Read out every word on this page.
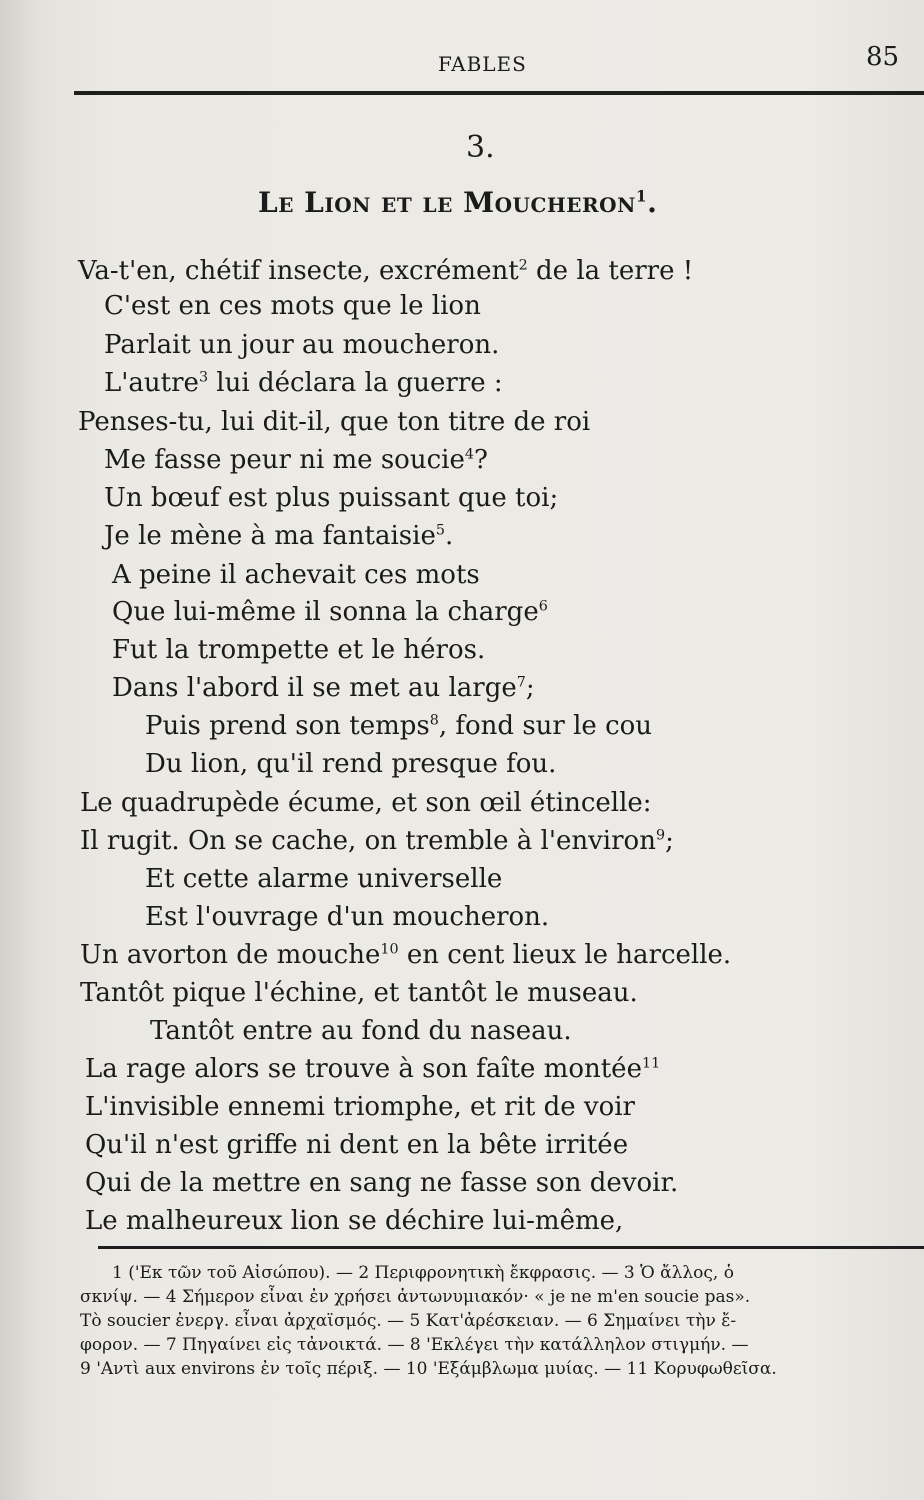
FABLES	85
3.
Le Lion et le Moucheron$^1$.
Va-t'en, chétif insecte, excrément$^2$ de la terre !
C'est en ces mots que le lion
Parlait un jour au moucheron.
L'autre$^3$ lui déclara la guerre :
Penses-tu, lui dit-il, que ton titre de roi
Me fasse peur ni me soucie$^4$?
Un bœuf est plus puissant que toi;
Je le mène à ma fantaisie$^5$.
A peine il achevait ces mots
Que lui-même il sonna la charge$^6$
Fut la trompette et le héros.
Dans l'abord il se met au large$^7$;
Puis prend son temps$^8$, fond sur le cou
Du lion, qu'il rend presque fou.
Le quadrupède écume, et son œil étincelle:
Il rugit. On se cache, on tremble à l'environ$^9$;
Et cette alarme universelle
Est l'ouvrage d'un moucheron.
Un avorton de mouche$^{10}$ en cent lieux le harcelle.
Tantôt pique l'échine, et tantôt le museau.
Tantôt entre au fond du naseau.
La rage alors se trouve à son faîte montée$^{11}$
L'invisible ennemi triomphe, et rit de voir
Qu'il n'est griffe ni dent en la bête irritée
Qui de la mettre en sang ne fasse son devoir.
Le malheureux lion se déchire lui-même,
1 ('Εκ τῶν τοῦ Αἰσώπου). — 2 Περιφρονητικὴ ἔκφρασις. — 3 Ὁ ἄλλος, ὁ
σκνίψ. — 4 Σήμερον εἶναι ἐν χρήσει ἀντωνυμιακόν· « je ne m'en soucie pas».
Τὸ soucier ἐνεργ. εἶναι ἀρχαϊσμός. — 5 Κατ'ἀρέσκειαν. — 6 Σημαίνει τὴν ἔ-
φορον. — 7 Πηγαίνει εἰς τἀνοικτά. — 8 'Εκλέγει τὴν κατάλληλον στιγμήν. —
9 'Αντὶ aux environs ἐν τοῖς πέριξ. — 10 'Εξάμβλωμα μυίας. — 11 Κορυφωθεῖσα.
